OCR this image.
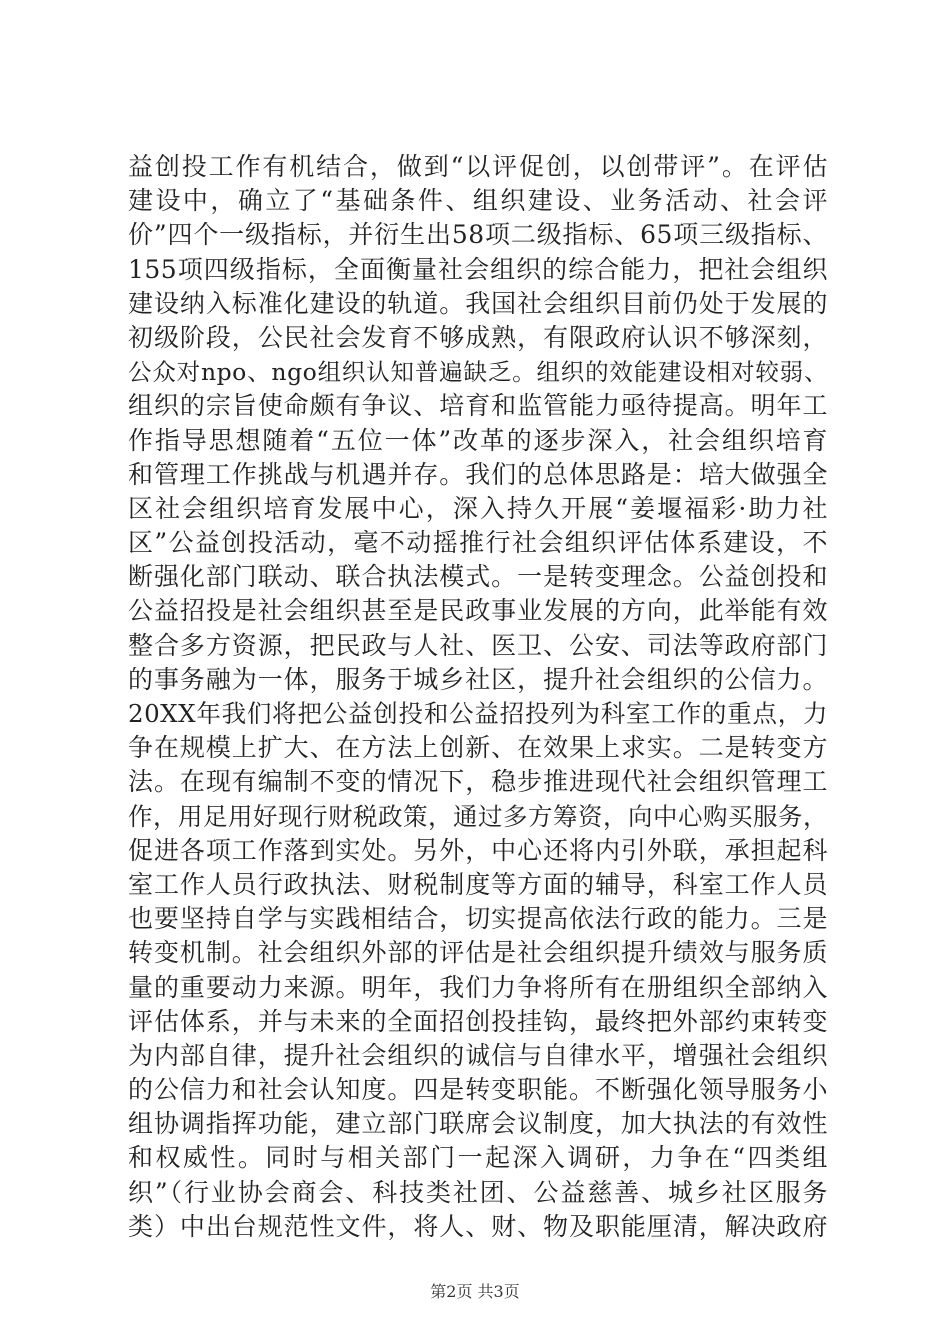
益创投工作有机结合，做到“以评促创，以创带评”。在评估
建设中，确立了“基础条件、组织建设、业务活动、社会评
价”四个一级指标，并衍生出58项二级指标、65项三级指标、
155项四级指标，全面衡量社会组织的综合能力，把社会组织
建设纳入标准化建设的轨道。我国社会组织目前仍处于发展的
初级阶段，公民社会发育不够成熟，有限政府认识不够深刻，
公众对npo、ngo组织认知普遍缺乏。组织的效能建设相对较弱、
组织的宗旨使命颇有争议、培育和监管能力亟待提高。明年工
作指导思想随着“五位一体”改革的逐步深入，社会组织培育
和管理工作挑战与机遇并存。我们的总体思路是：培大做强全
区社会组织培育发展中心，深入持久开展“姜堰福彩·助力社
区”公益创投活动，毫不动摇推行社会组织评估体系建设，不
断强化部门联动、联合执法模式。一是转变理念。公益创投和
公益招投是社会组织甚至是民政事业发展的方向，此举能有效
整合多方资源，把民政与人社、医卫、公安、司法等政府部门
的事务融为一体，服务于城乡社区，提升社会组织的公信力。
20XX年我们将把公益创投和公益招投列为科室工作的重点，力
争在规模上扩大、在方法上创新、在效果上求实。二是转变方
法。在现有编制不变的情况下，稳步推进现代社会组织管理工
作，用足用好现行财税政策，通过多方筹资，向中心购买服务，
促进各项工作落到实处。另外，中心还将内引外联，承担起科
室工作人员行政执法、财税制度等方面的辅导，科室工作人员
也要坚持自学与实践相结合，切实提高依法行政的能力。三是
转变机制。社会组织外部的评估是社会组织提升绩效与服务质
量的重要动力来源。明年，我们力争将所有在册组织全部纳入
评估体系，并与未来的全面招创投挂钩，最终把外部约束转变
为内部自律，提升社会组织的诚信与自律水平，增强社会组织
的公信力和社会认知度。四是转变职能。不断强化领导服务小
组协调指挥功能，建立部门联席会议制度，加大执法的有效性
和权威性。同时与相关部门一起深入调研，力争在“四类组
织”（行业协会商会、科技类社团、公益慈善、城乡社区服务
类）中出台规范性文件，将人、财、物及职能厘清，解决政府
第2页 共3页
